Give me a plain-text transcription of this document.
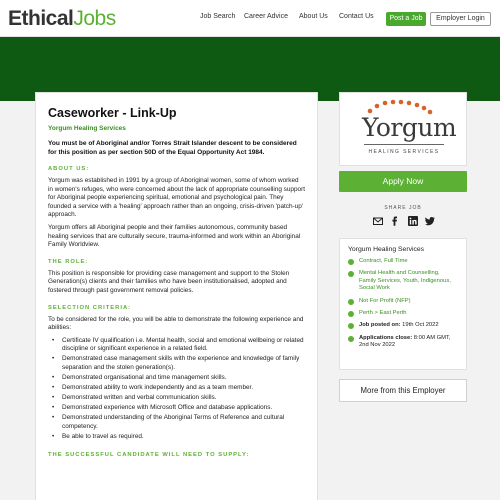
EthicalJobs	Job Search Career Advice About Us Contact Us	Post a Job	Employer Login
Caseworker - Link-Up
Yorgum Healing Services
You must be of Aboriginal and/or Torres Strait Islander descent to be considered for this position as per section 50D of the Equal Opportunity Act 1984.
ABOUT US:
Yorgum was established in 1991 by a group of Aboriginal women, some of whom worked in women's refuges, who were concerned about the lack of appropriate counselling support for Aboriginal people experiencing spiritual, emotional and psychological pain. They founded a service with a 'healing' approach rather than an ongoing, crisis-driven 'patch-up' approach.
Yorgum offers all Aboriginal people and their families autonomous, community based healing services that are culturally secure, trauma-informed and work within an Aboriginal Family Worldview.
THE ROLE:
This position is responsible for providing case management and support to the Stolen Generation(s) clients and their families who have been institutionalised, adopted and fostered through past government removal policies.
SELECTION CRITERIA:
To be considered for the role, you will be able to demonstrate the following experience and abilities:
• Certificate IV qualification i.e. Mental health, social and emotional wellbeing or related discipline or significant experience in a related field.
• Demonstrated case management skills with the experience and knowledge of family separation and the stolen generation(s).
• Demonstrated organisational and time management skills.
• Demonstrated ability to work independently and as a team member.
• Demonstrated written and verbal communication skills.
• Demonstrated experience with Microsoft Office and database applications.
• Demonstrated understanding of the Aboriginal Terms of Reference and cultural competency.
• Be able to travel as required.
THE SUCCESSFUL CANDIDATE WILL NEED TO SUPPLY:
Yorgum
HEALING SERVICES
Apply Now
SHARE JOB
Yorgum Healing Services
Contract, Full Time
Mental Health and Counselling, Family Services, Youth, Indigenous, Social Work
Not For Profit (NFP)
Perth > East Perth
Job posted on: 19th Oct 2022
Applications close: 8:00 AM GMT, 2nd Nov 2022
More from this Employer
